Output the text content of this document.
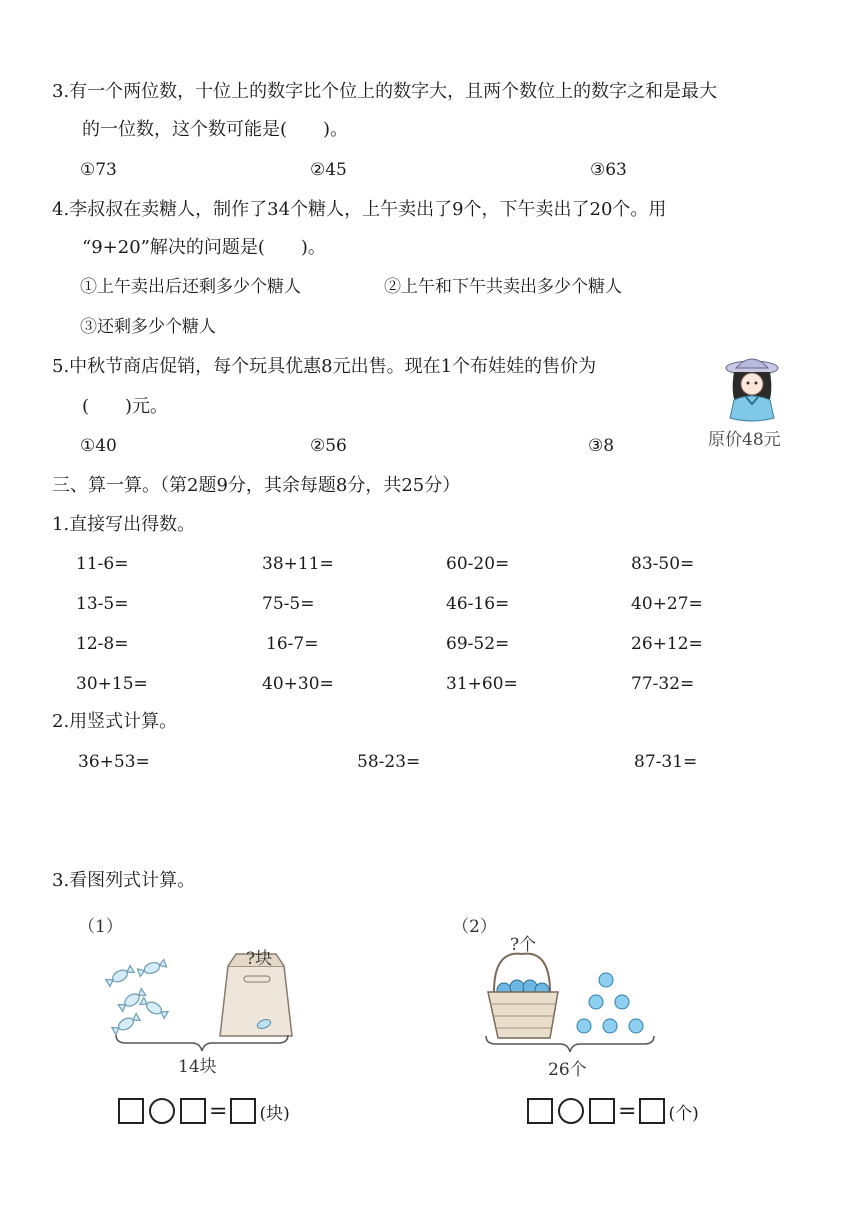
3.有一个两位数，十位上的数字比个位上的数字大，且两个数位上的数字之和是最大
的一位数，这个数可能是(　　)。
①73	②45	③63
4.李叔叔在卖糖人，制作了34个糖人，上午卖出了9个，下午卖出了20个。用
“9+20”解决的问题是(　　)。
①上午卖出后还剩多少个糖人	②上午和下午共卖出多少个糖人
③还剩多少个糖人
5.中秋节商店促销，每个玩具优惠8元出售。现在1个布娃娃的售价为
(　　)元。
①40	②56	③8	原价48元
三、算一算。（第2题9分，其余每题8分，共25分）
1.直接写出得数。
11-6=	38+11=	60-20=	83-50=
13-5=	75-5=	46-16=	40+27=
12-8=	16-7=	69-52=	26+12=
30+15=	40+30=	31+60=	77-32=
2.用竖式计算。
36+53=	58-23=	87-31=
3.看图列式计算。
（1）
?块
14块
= (块)
（2）
?个
26个
= (个)
